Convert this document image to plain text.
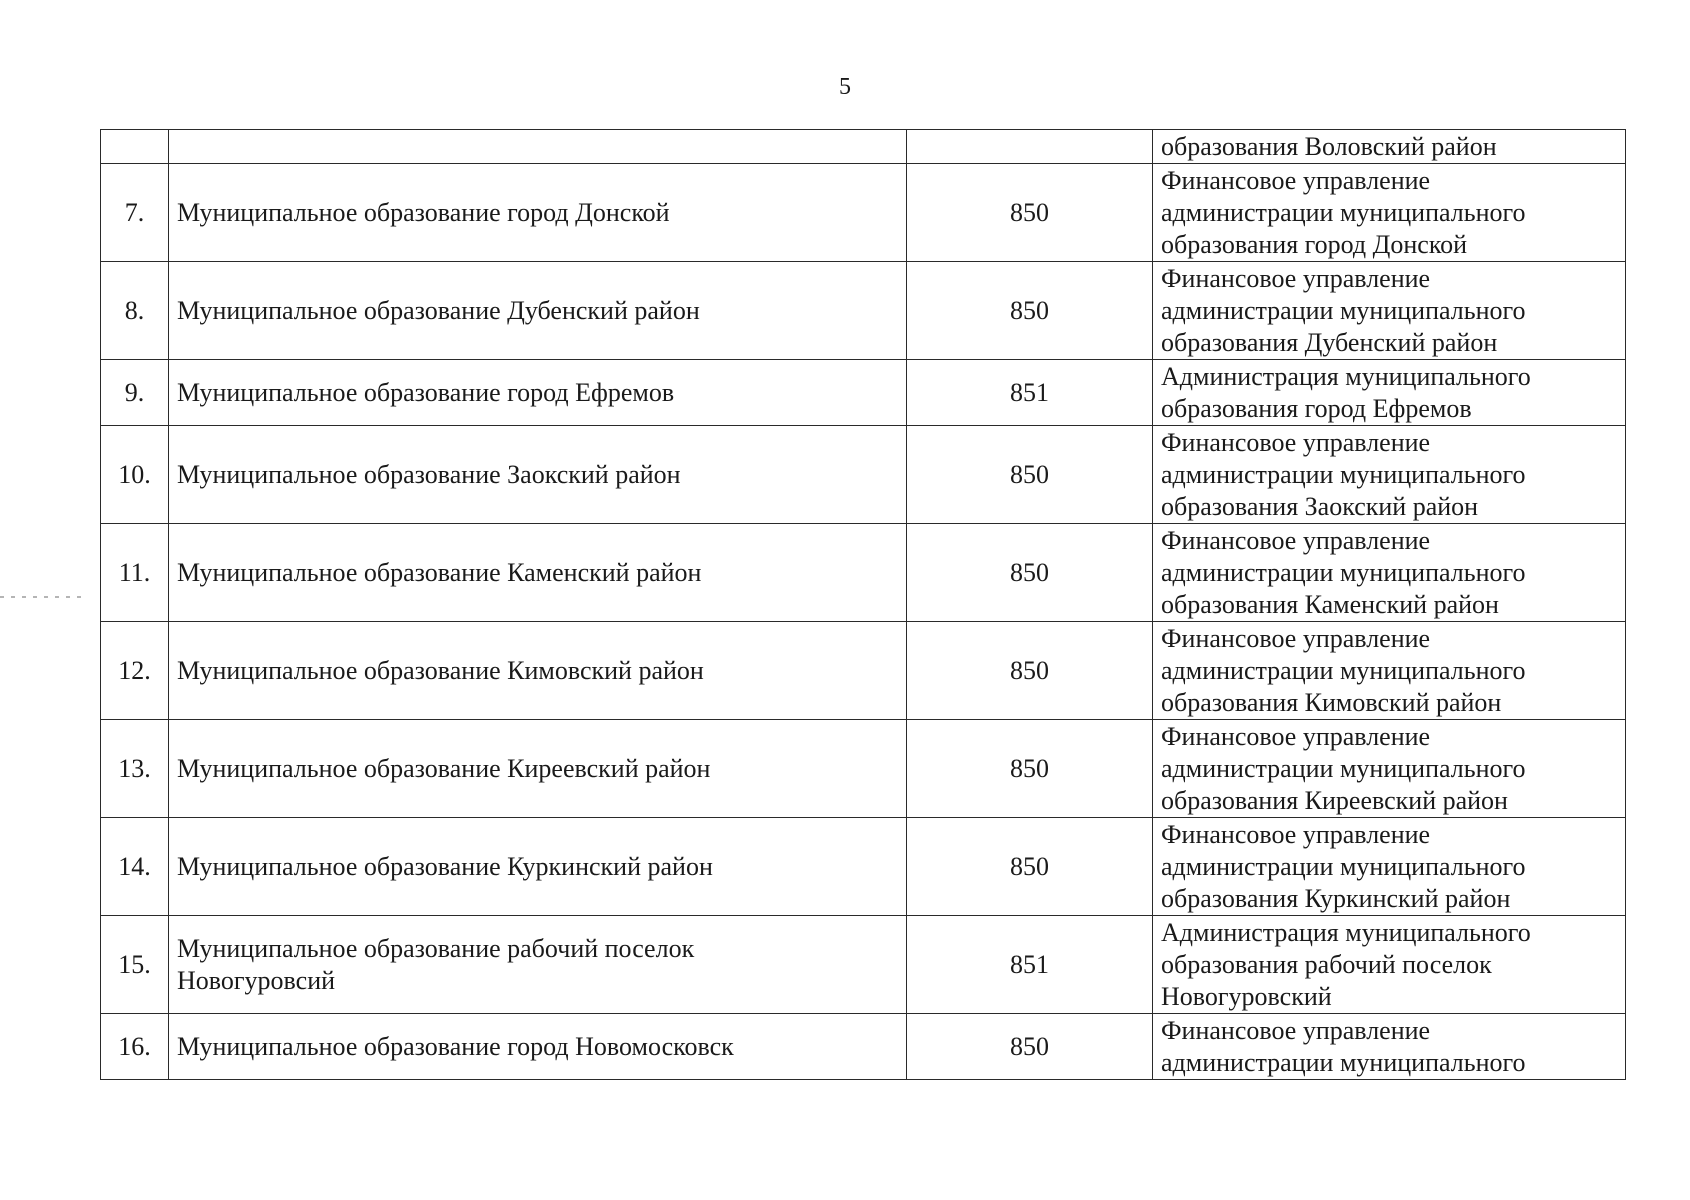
5
			образования Воловский район
7.	Муниципальное образование город Донской	850	Финансовое управление
администрации муниципального
образования город Донской
8.	Муниципальное образование Дубенский район	850	Финансовое управление
администрации муниципального
образования Дубенский район
9.	Муниципальное образование город Ефремов	851	Администрация муниципального
образования город Ефремов
10.	Муниципальное образование Заокский район	850	Финансовое управление
администрации муниципального
образования Заокский район
11.	Муниципальное образование Каменский район	850	Финансовое управление
администрации муниципального
образования Каменский район
12.	Муниципальное образование Кимовский район	850	Финансовое управление
администрации муниципального
образования Кимовский район
13.	Муниципальное образование Киреевский район	850	Финансовое управление
администрации муниципального
образования Киреевский район
14.	Муниципальное образование Куркинский район	850	Финансовое управление
администрации муниципального
образования Куркинский район
15.	Муниципальное образование рабочий поселок
Новогуровсий	851	Администрация муниципального
образования рабочий поселок
Новогуровский
16.	Муниципальное образование город Новомосковск	850	Финансовое управление
администрации муниципального
